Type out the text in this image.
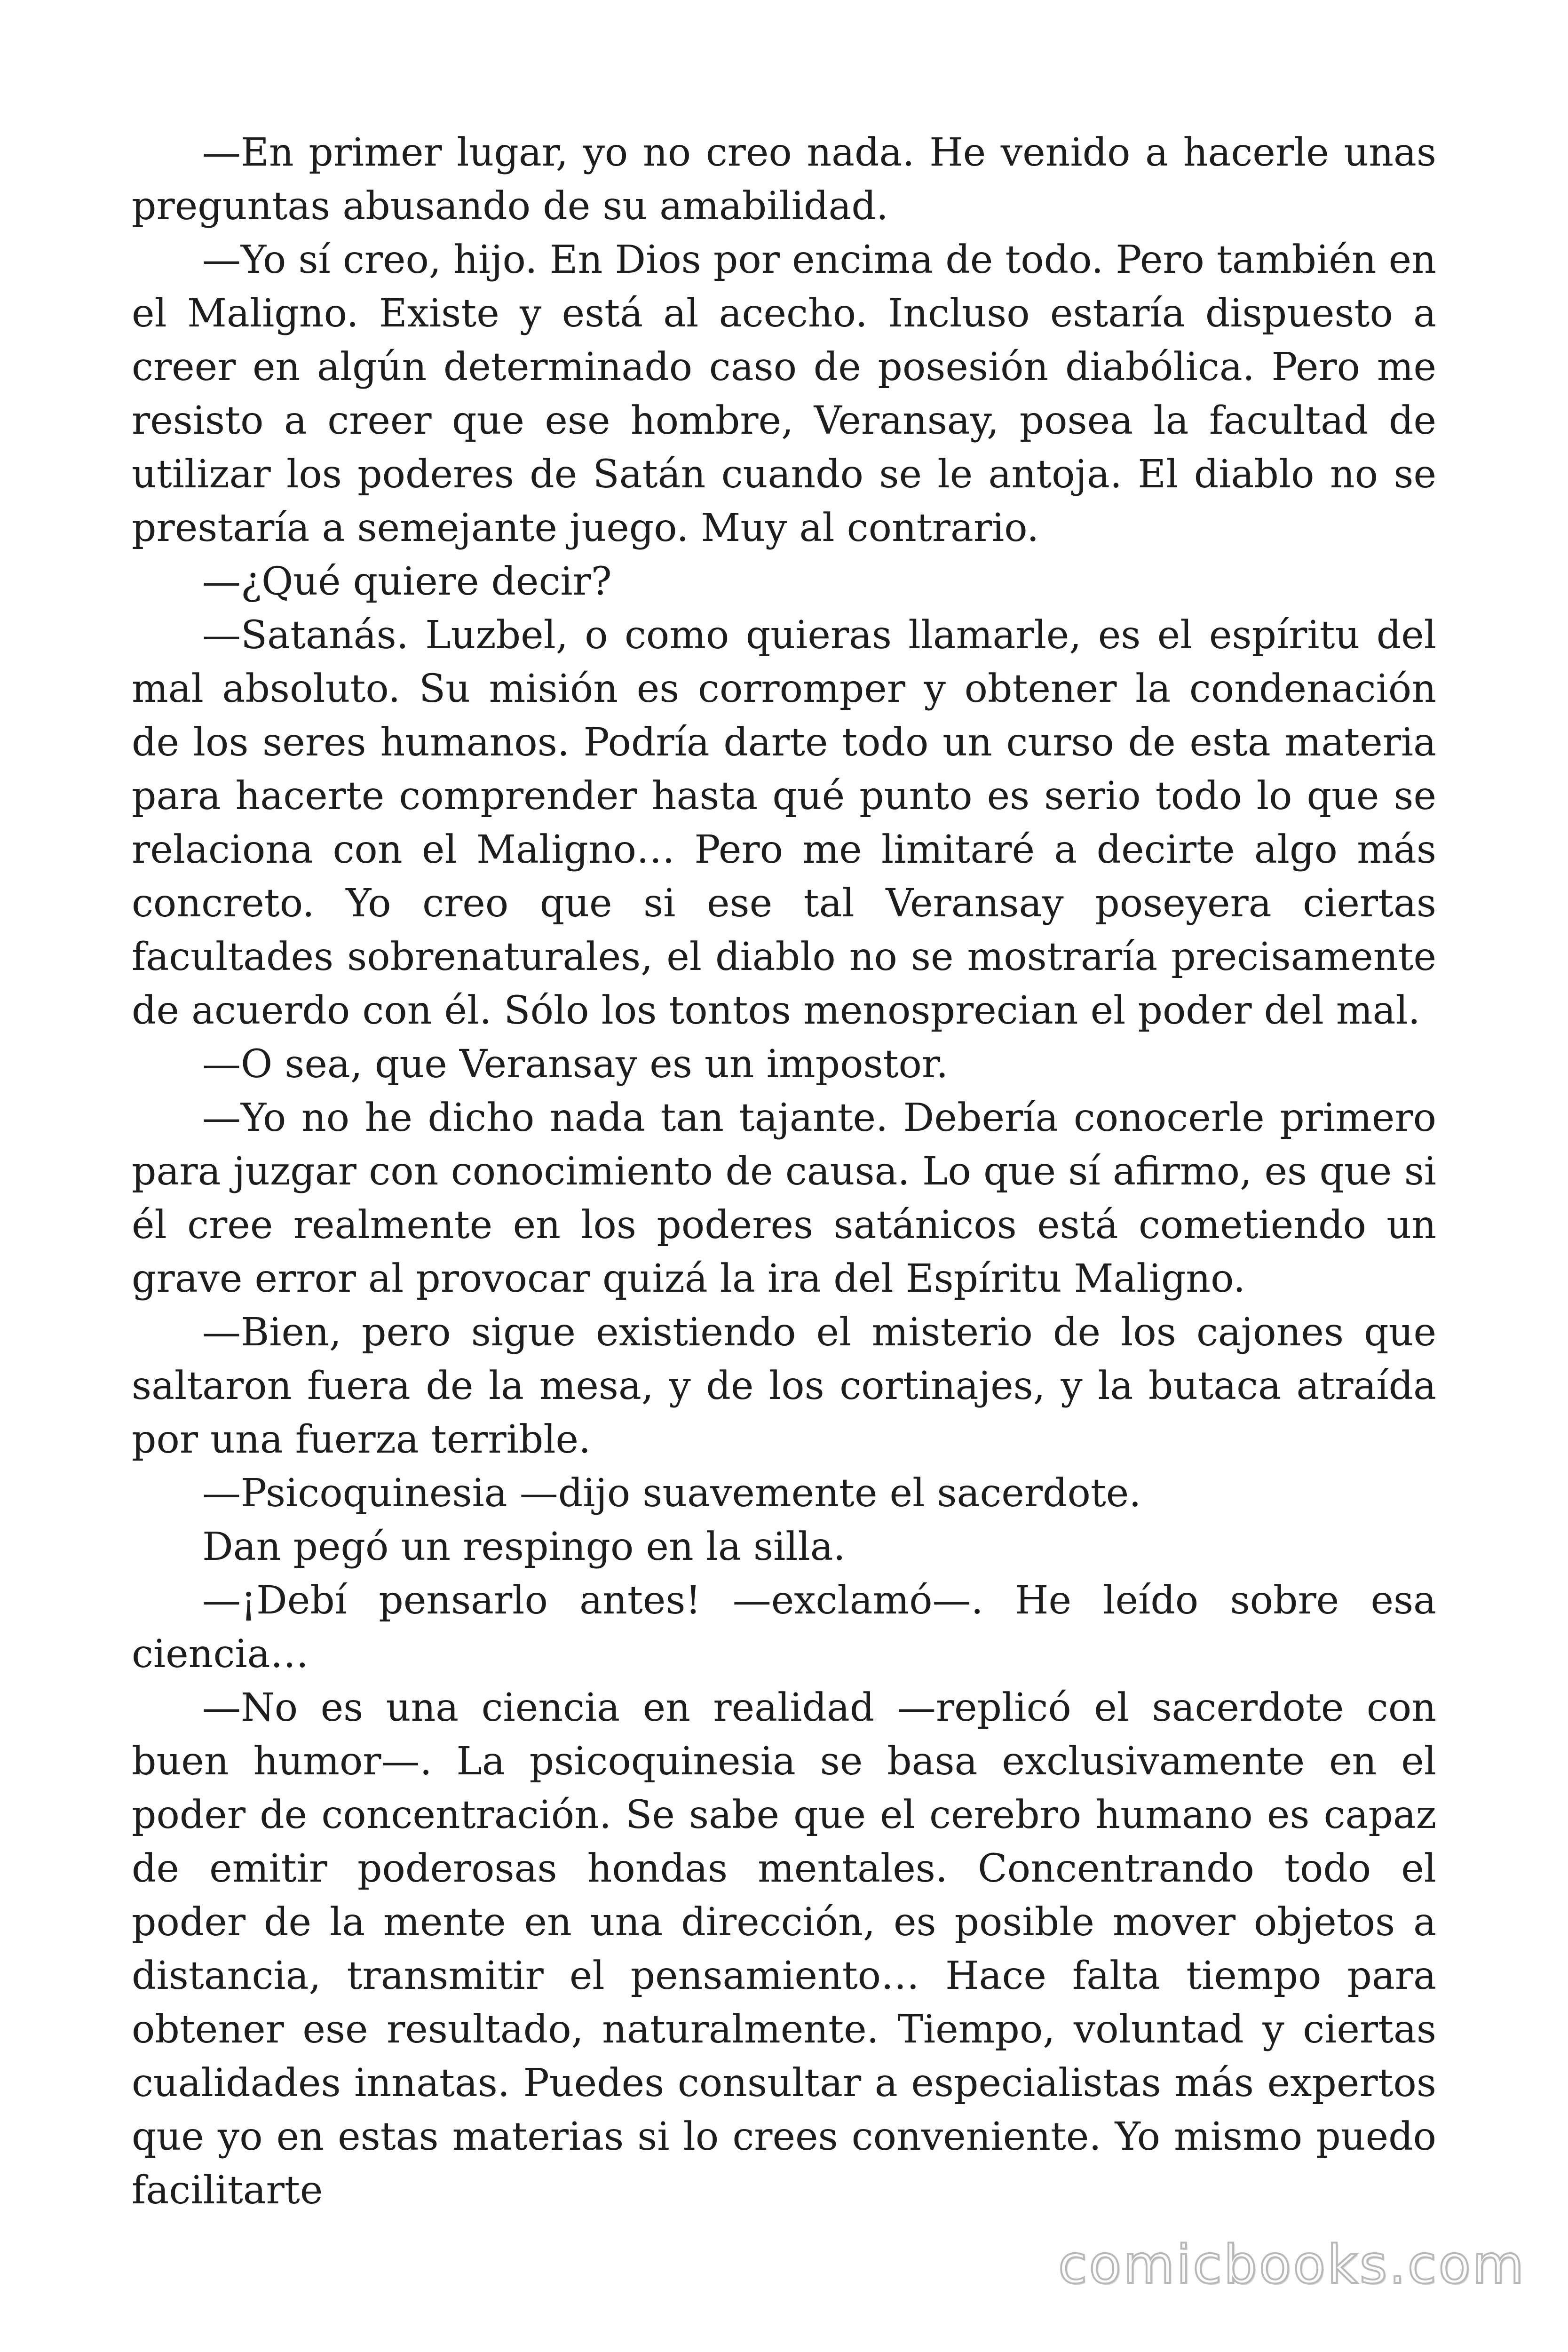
—En primer lugar, yo no creo nada. He venido a hacerle unas preguntas abusando de su amabilidad.

—Yo sí creo, hijo. En Dios por encima de todo. Pero también en el Maligno. Existe y está al acecho. Incluso estaría dispuesto a creer en algún determinado caso de posesión diabólica. Pero me resisto a creer que ese hombre, Veransay, posea la facultad de utilizar los poderes de Satán cuando se le antoja. El diablo no se prestaría a semejante juego. Muy al contrario.

—¿Qué quiere decir?

—Satanás. Luzbel, o como quieras llamarle, es el espíritu del mal absoluto. Su misión es corromper y obtener la condenación de los seres humanos. Podría darte todo un curso de esta materia para hacerte comprender hasta qué punto es serio todo lo que se relaciona con el Maligno… Pero me limitaré a decirte algo más concreto. Yo creo que si ese tal Veransay poseyera ciertas facultades sobrenaturales, el diablo no se mostraría precisamente de acuerdo con él. Sólo los tontos menosprecian el poder del mal.

—O sea, que Veransay es un impostor.

—Yo no he dicho nada tan tajante. Debería conocerle primero para juzgar con conocimiento de causa. Lo que sí afirmo, es que si él cree realmente en los poderes satánicos está cometiendo un grave error al provocar quizá la ira del Espíritu Maligno.

—Bien, pero sigue existiendo el misterio de los cajones que saltaron fuera de la mesa, y de los cortinajes, y la butaca atraída por una fuerza terrible.

—Psicoquinesia —dijo suavemente el sacerdote.

Dan pegó un respingo en la silla.

—¡Debí pensarlo antes! —exclamó—. He leído sobre esa ciencia…

—No es una ciencia en realidad —replicó el sacerdote con buen humor—. La psicoquinesia se basa exclusivamente en el poder de concentración. Se sabe que el cerebro humano es capaz de emitir poderosas hondas mentales. Concentrando todo el poder de la mente en una dirección, es posible mover objetos a distancia, transmitir el pensamiento… Hace falta tiempo para obtener ese resultado, naturalmente. Tiempo, voluntad y ciertas cualidades innatas. Puedes consultar a especialistas más expertos que yo en estas materias si lo crees conveniente. Yo mismo puedo facilitarte

comicbooks.com
